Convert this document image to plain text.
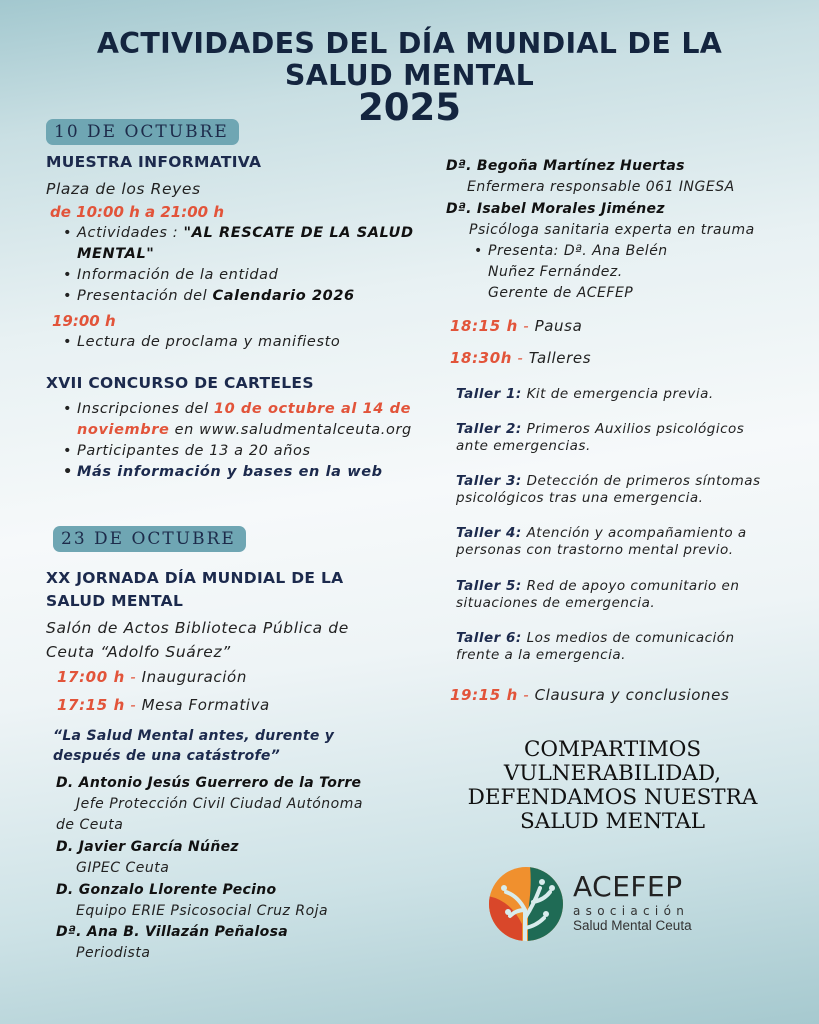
ACTIVIDADES DEL DÍA MUNDIAL DE LA
SALUD MENTAL
2025
10 DE OCTUBRE
MUESTRA INFORMATIVA
Plaza de los Reyes
de 10:00 h a 21:00 h
• Actividades : "AL RESCATE DE LA SALUD MENTAL"
• Información de la entidad
• Presentación del Calendario 2026
19:00 h
• Lectura de proclama y manifiesto
XVII CONCURSO DE CARTELES
• Inscripciones del 10 de octubre al 14 de noviembre en www.saludmentalceuta.org
• Participantes de 13 a 20 años
• Más información y bases en la web
23 DE OCTUBRE
XX JORNADA DÍA MUNDIAL DE LA SALUD MENTAL
Salón de Actos Biblioteca Pública de Ceuta “Adolfo Suárez”
17:00 h - Inauguración
17:15 h - Mesa Formativa
“La Salud Mental antes, durente y después de una catástrofe”
D. Antonio Jesús Guerrero de la Torre
Jefe Protección Civil Ciudad Autónoma de Ceuta
D. Javier García Núñez
GIPEC Ceuta
D. Gonzalo Llorente Pecino
Equipo ERIE Psicosocial Cruz Roja
Dª. Ana B. Villazán Peñalosa
Periodista
Dª. Begoña Martínez Huertas
Enfermera responsable 061 INGESA
Dª. Isabel Morales Jiménez
Psicóloga sanitaria experta en trauma
• Presenta: Dª. Ana Belén Nuñez Fernández.
Gerente de ACEFEP
18:15 h - Pausa
18:30h - Talleres
Taller 1: Kit de emergencia previa.
Taller 2: Primeros Auxilios psicológicos ante emergencias.
Taller 3: Detección de primeros síntomas psicológicos tras una emergencia.
Taller 4: Atención y acompañamiento a personas con trastorno mental previo.
Taller 5: Red de apoyo comunitario en situaciones de emergencia.
Taller 6: Los medios de comunicación frente a la emergencia.
19:15 h - Clausura y conclusiones
COMPARTIMOS
VULNERABILIDAD,
DEFENDAMOS NUESTRA
SALUD MENTAL
ACEFEP
asociación
Salud Mental Ceuta
